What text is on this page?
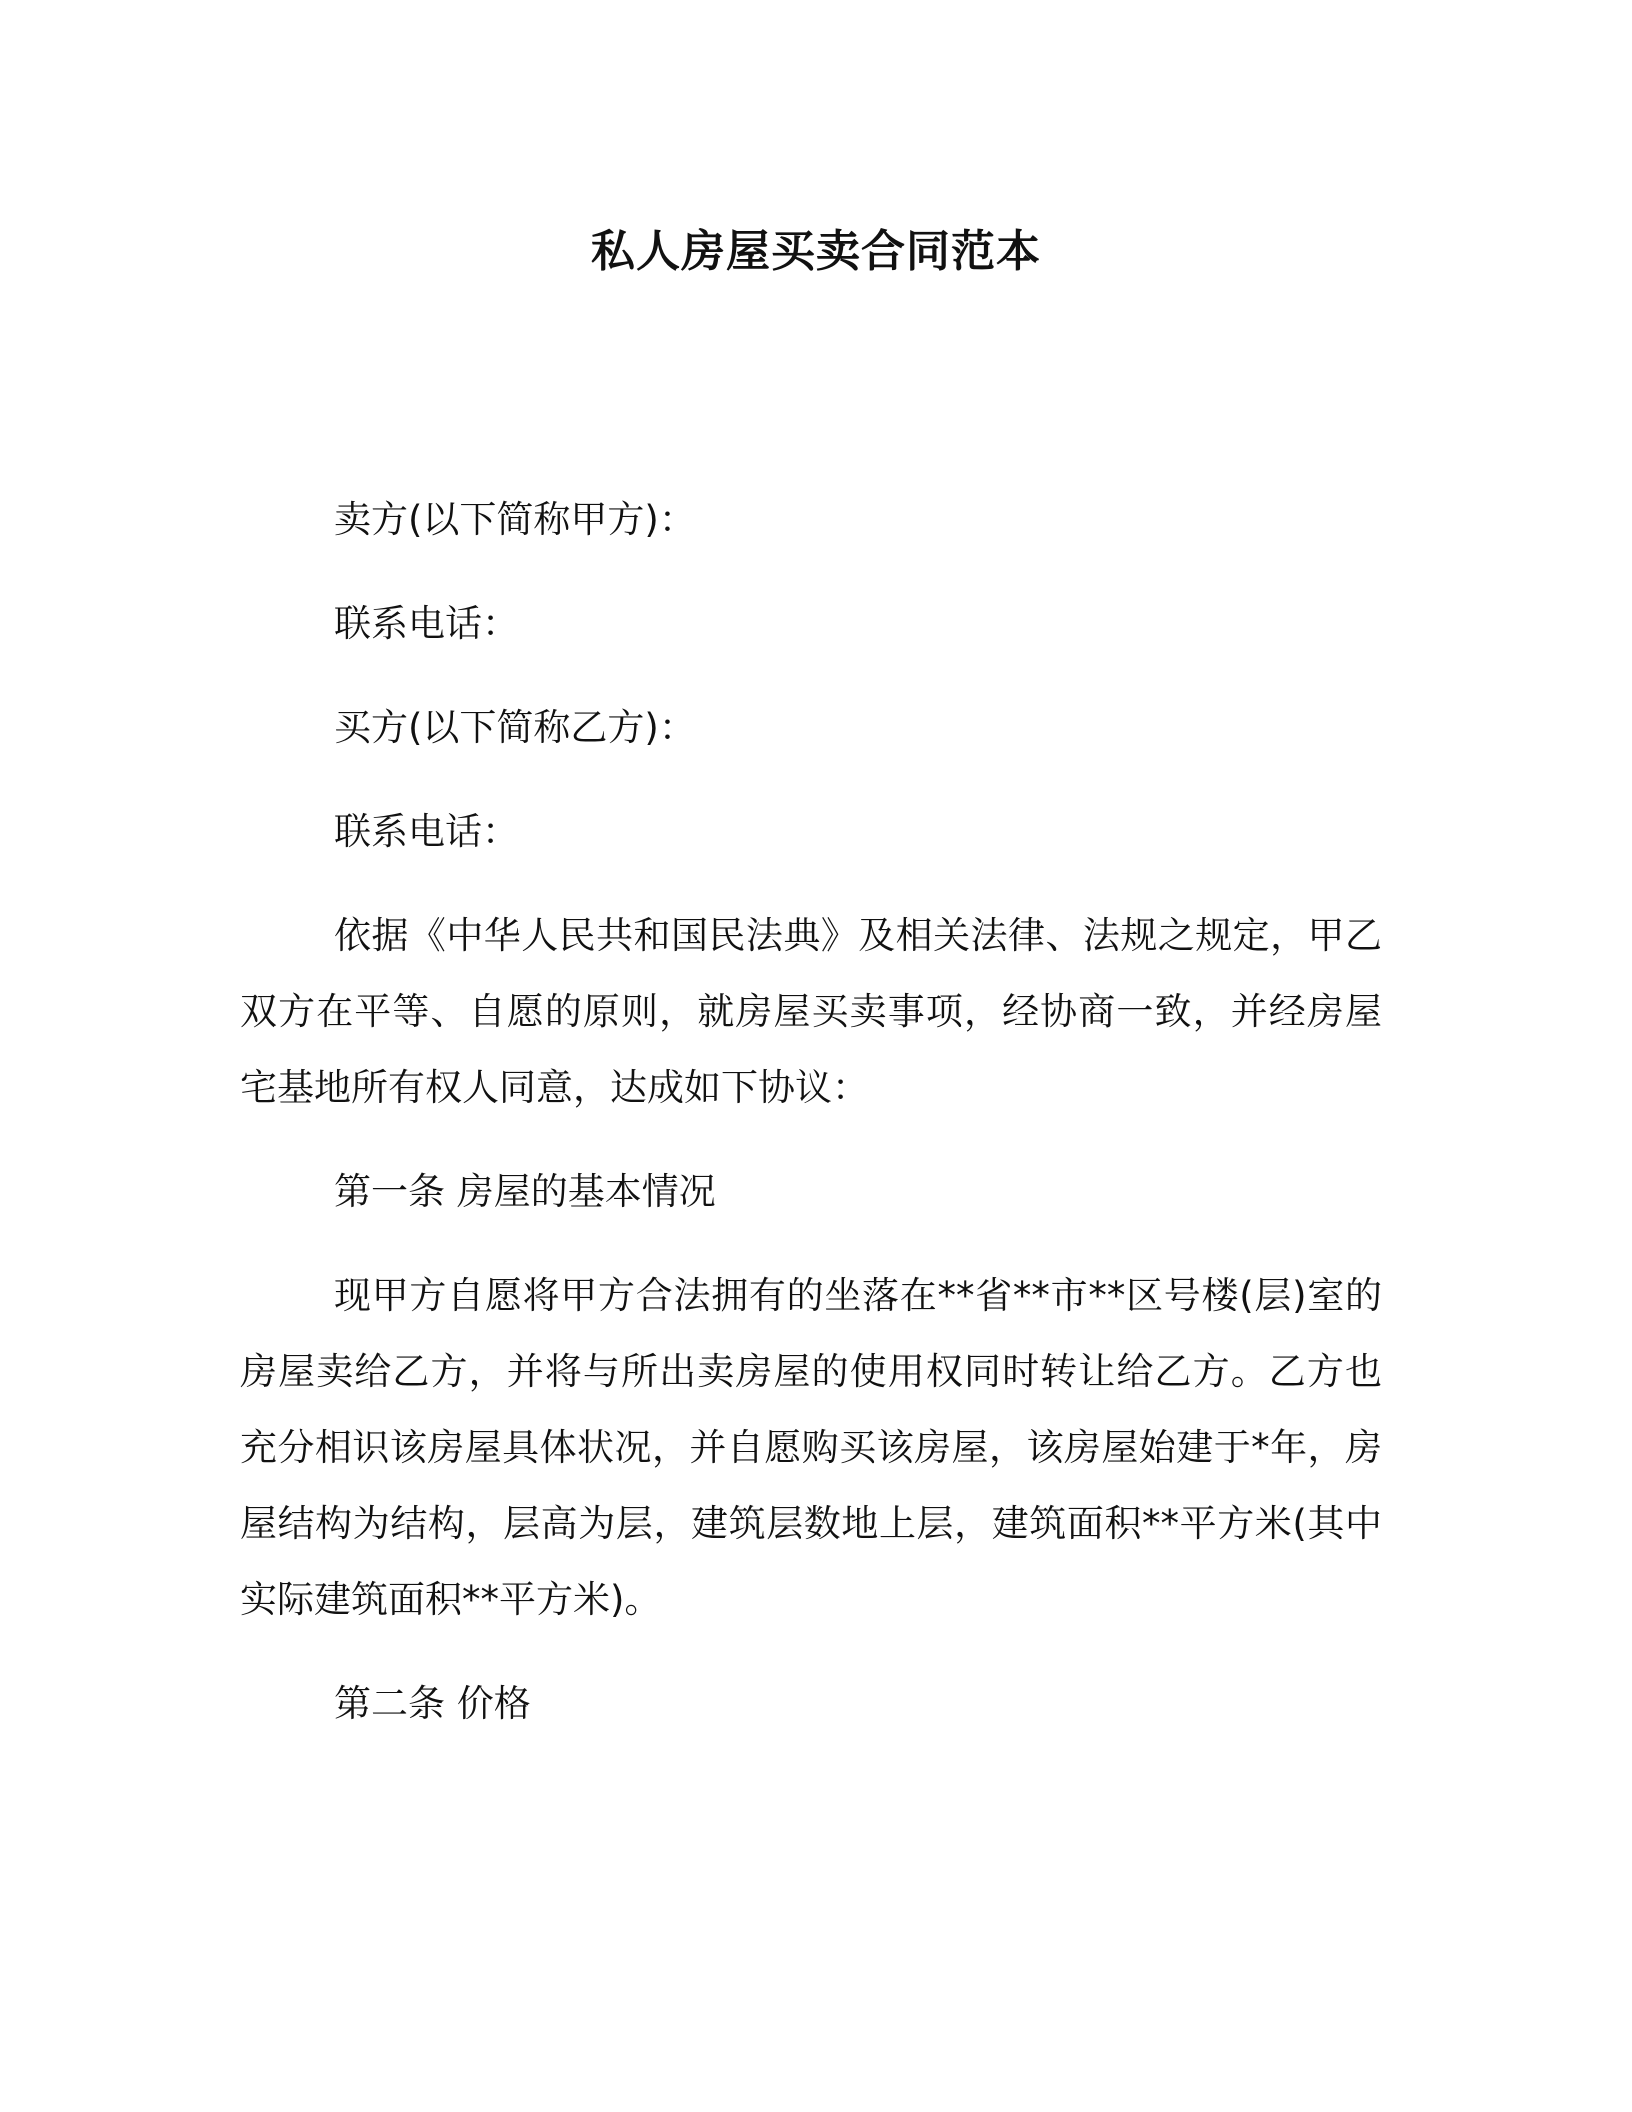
私人房屋买卖合同范本
卖方(以下简称甲方)：
联系电话：
买方(以下简称乙方)：
联系电话：

依据《中华人民共和国民法典》及相关法律、法规之规定，甲乙双方在平等、自愿的原则，就房屋买卖事项，经协商一致，并经房屋宅基地所有权人同意，达成如下协议：

第一条 房屋的基本情况

现甲方自愿将甲方合法拥有的坐落在**省**市**区号楼(层)室的房屋卖给乙方，并将与所出卖房屋的使用权同时转让给乙方。乙方也充分相识该房屋具体状况，并自愿购买该房屋，该房屋始建于*年，房屋结构为结构，层高为层，建筑层数地上层，建筑面积**平方米(其中实际建筑面积**平方米)。

第二条 价格
